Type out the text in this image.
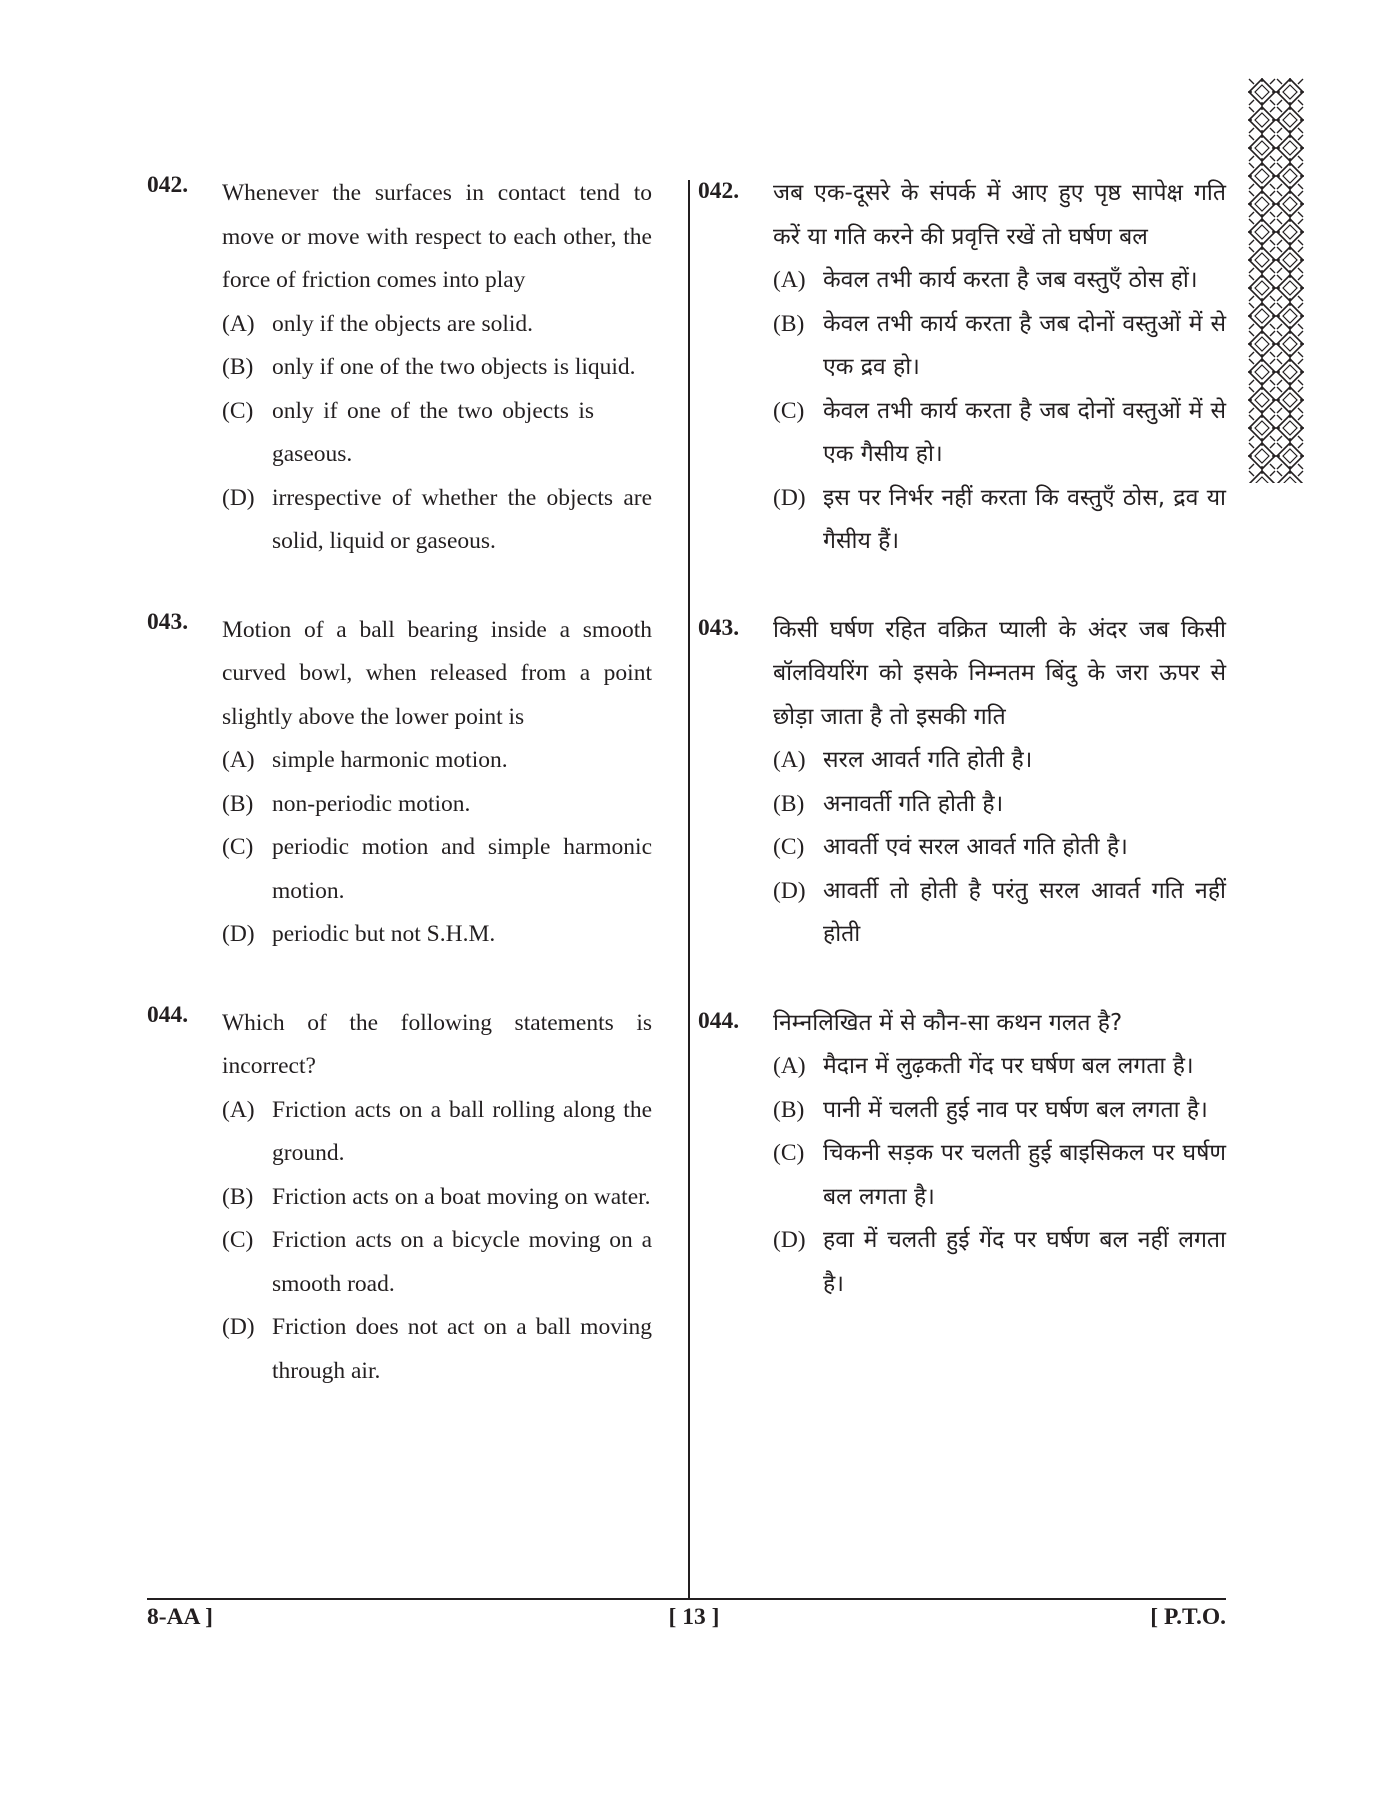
042. Whenever the surfaces in contact tend to move or move with respect to each other, the force of friction comes into play
(A) only if the objects are solid.
(B) only if one of the two objects is liquid.
(C) only if one of the two objects is gaseous.
(D) irrespective of whether the objects are solid, liquid or gaseous.
043. Motion of a ball bearing inside a smooth curved bowl, when released from a point slightly above the lower point is
(A) simple harmonic motion.
(B) non-periodic motion.
(C) periodic motion and simple harmonic motion.
(D) periodic but not S.H.M.
044. Which of the following statements is incorrect?
(A) Friction acts on a ball rolling along the ground.
(B) Friction acts on a boat moving on water.
(C) Friction acts on a bicycle moving on a smooth road.
(D) Friction does not act on a ball moving through air.
042. जब एक-दूसरे के संपर्क में आए हुए पृष्ठ सापेक्ष गति करें या गति करने की प्रवृत्ति रखें तो घर्षण बल
(A) केवल तभी कार्य करता है जब वस्तुएँ ठोस हों।
(B) केवल तभी कार्य करता है जब दोनों वस्तुओं में से एक द्रव हो।
(C) केवल तभी कार्य करता है जब दोनों वस्तुओं में से एक गैसीय हो।
(D) इस पर निर्भर नहीं करता कि वस्तुएँ ठोस, द्रव या गैसीय हैं।
043. किसी घर्षण रहित वक्रित प्याली के अंदर जब किसी बॉलवियरिंग को इसके निम्नतम बिंदु के जरा ऊपर से छोड़ा जाता है तो इसकी गति
(A) सरल आवर्त गति होती है।
(B) अनावर्ती गति होती है।
(C) आवर्ती एवं सरल आवर्त गति होती है।
(D) आवर्ती तो होती है परंतु सरल आवर्त गति नहीं होती
044. निम्नलिखित में से कौन-सा कथन गलत है?
(A) मैदान में लुढ़कती गेंद पर घर्षण बल लगता है।
(B) पानी में चलती हुई नाव पर घर्षण बल लगता है।
(C) चिकनी सड़क पर चलती हुई बाइसिकल पर घर्षण बल लगता है।
(D) हवा में चलती हुई गेंद पर घर्षण बल नहीं लगता है।
8-AA ]	[ 13 ]	[ P.T.O.
